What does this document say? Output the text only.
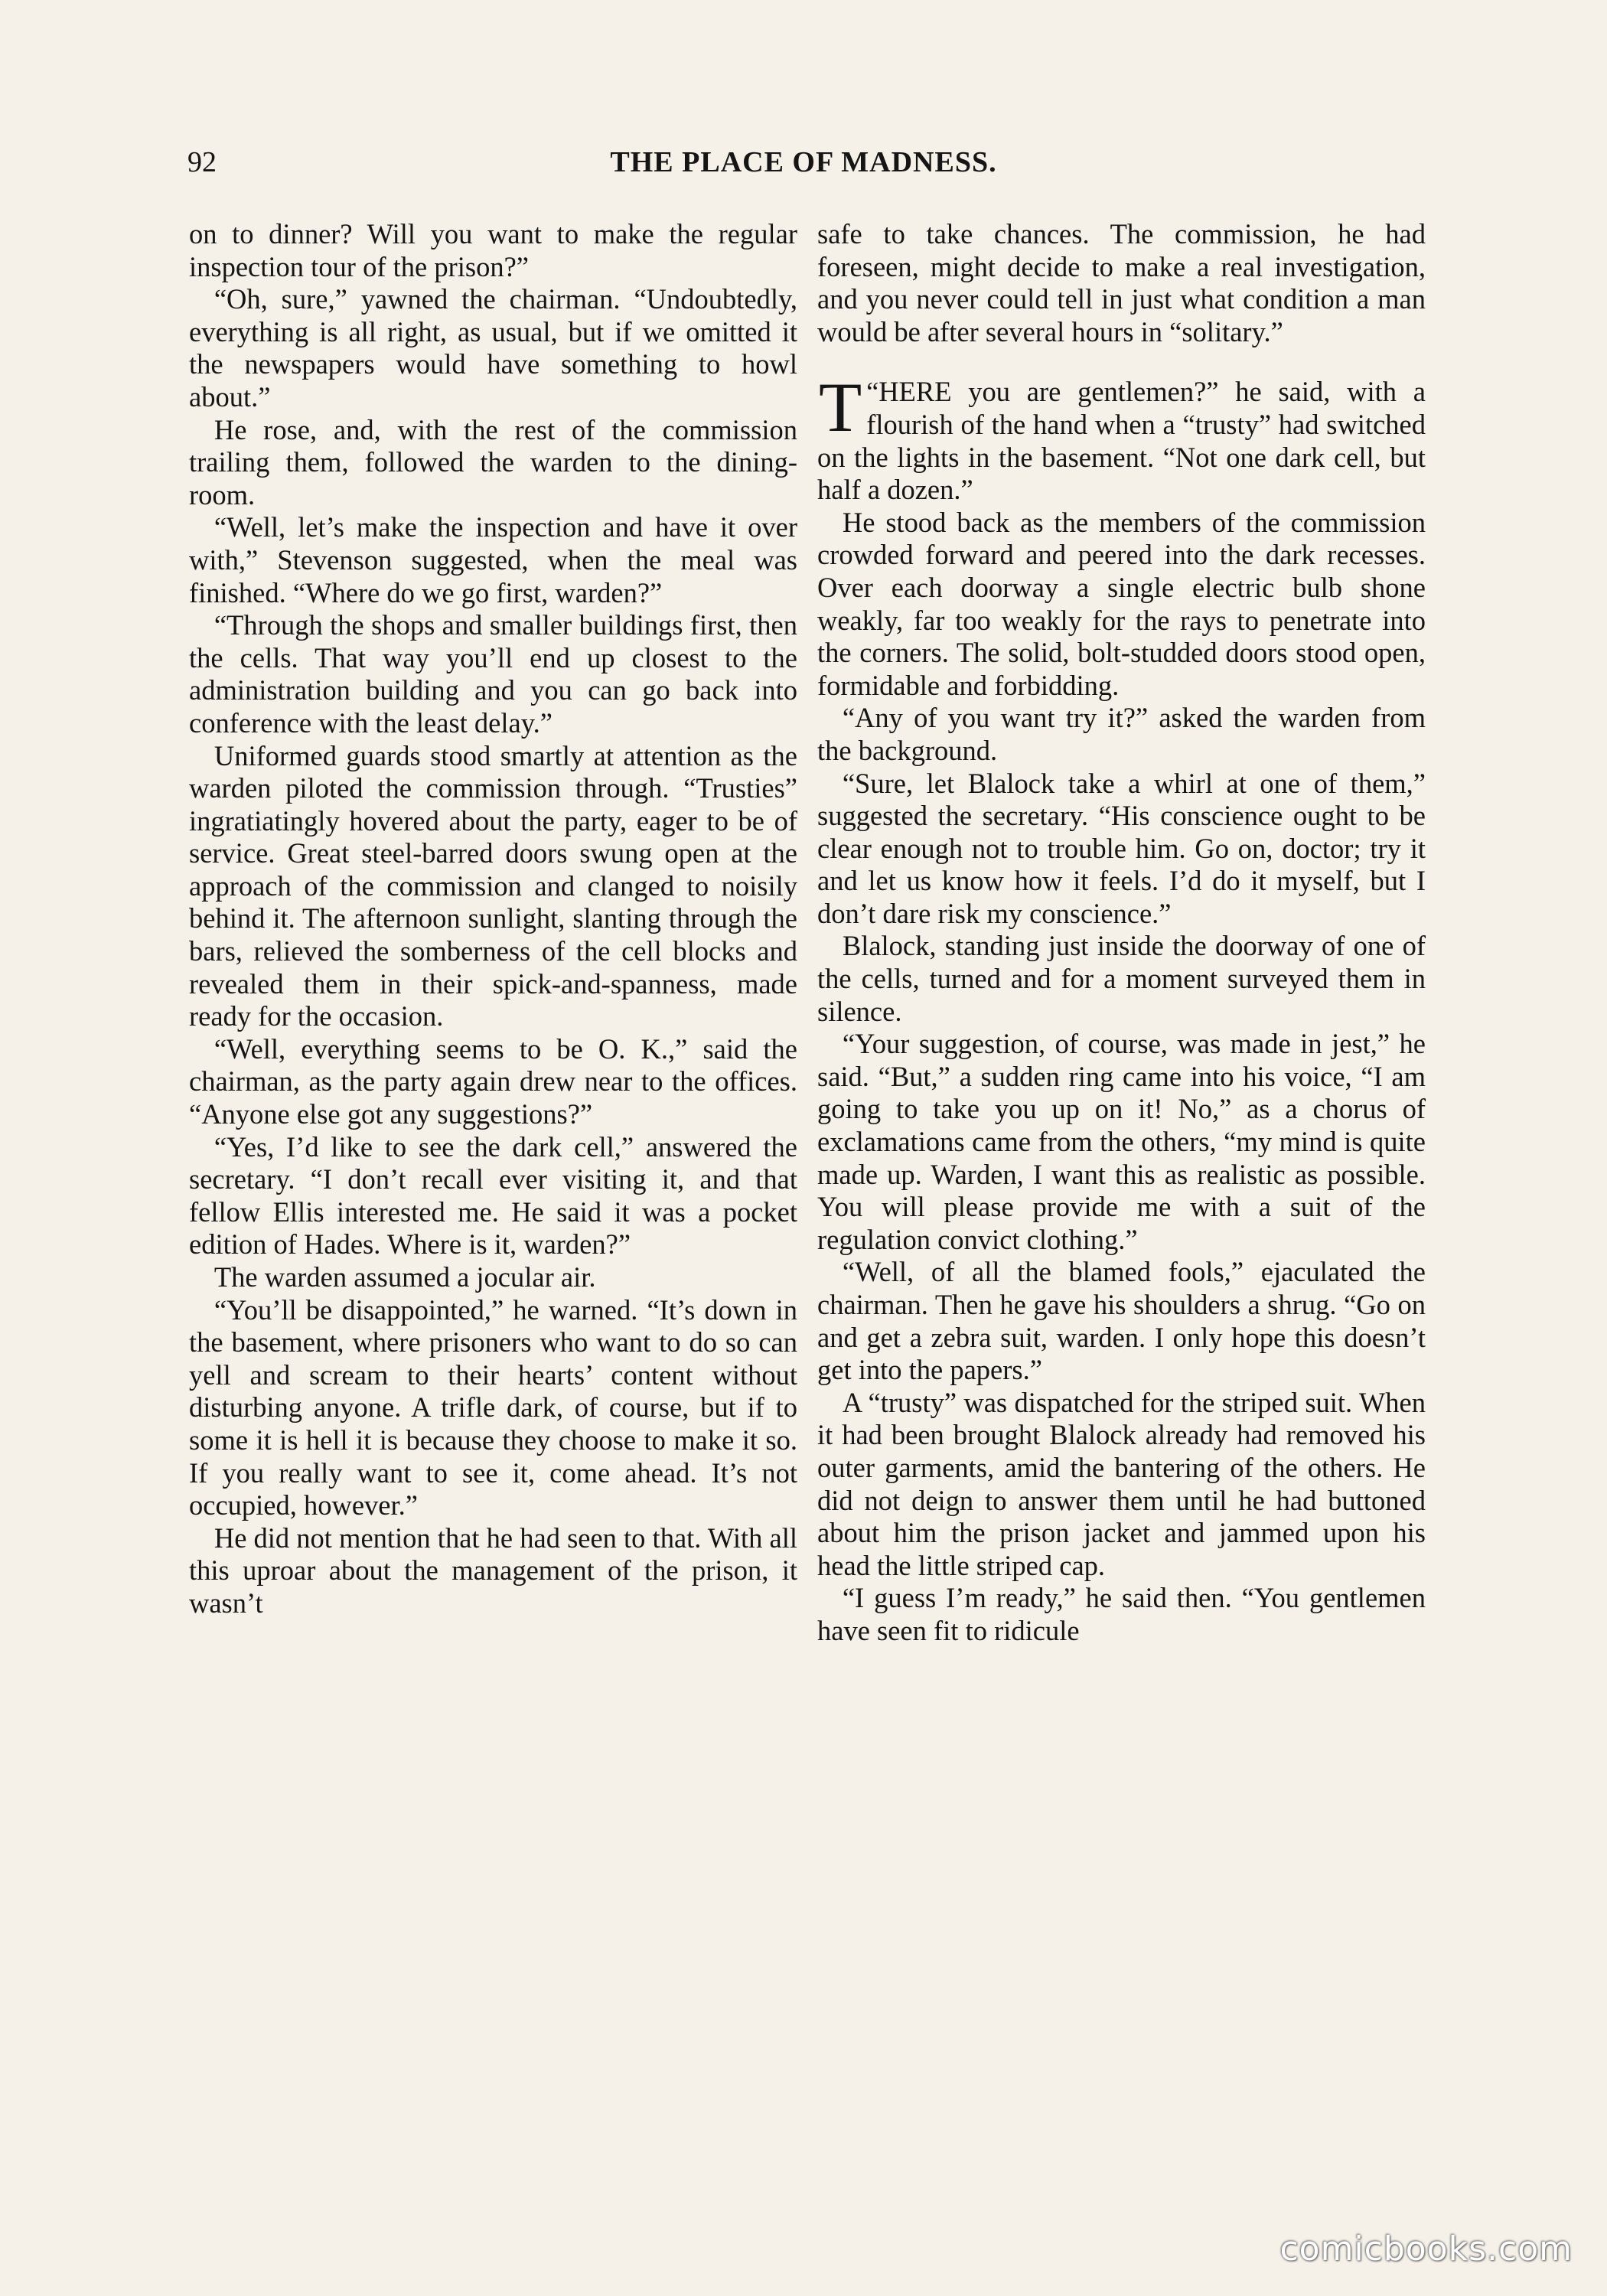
92	THE PLACE OF MADNESS.

on to dinner? Will you want to make the regular inspection tour of the prison?”

“Oh, sure,” yawned the chairman. “Undoubtedly, everything is all right, as usual, but if we omitted it the newspapers would have something to howl about.”

He rose, and, with the rest of the commission trailing them, followed the warden to the dining-room.

“Well, let’s make the inspection and have it over with,” Stevenson suggested, when the meal was finished. “Where do we go first, warden?”

“Through the shops and smaller buildings first, then the cells. That way you’ll end up closest to the administration building and you can go back into conference with the least delay.”

Uniformed guards stood smartly at attention as the warden piloted the commission through. “Trusties” ingratiatingly hovered about the party, eager to be of service. Great steel-barred doors swung open at the approach of the commission and clanged to noisily behind it. The afternoon sunlight, slanting through the bars, relieved the somberness of the cell blocks and revealed them in their spick-and-spanness, made ready for the occasion.

“Well, everything seems to be O. K.,” said the chairman, as the party again drew near to the offices. “Anyone else got any suggestions?”

“Yes, I’d like to see the dark cell,” answered the secretary. “I don’t recall ever visiting it, and that fellow Ellis interested me. He said it was a pocket edition of Hades. Where is it, warden?”

The warden assumed a jocular air.

“You’ll be disappointed,” he warned. “It’s down in the basement, where prisoners who want to do so can yell and scream to their hearts’ content without disturbing anyone. A trifle dark, of course, but if to some it is hell it is because they choose to make it so. If you really want to see it, come ahead. It’s not occupied, however.”

He did not mention that he had seen to that. With all this uproar about the management of the prison, it wasn’t

safe to take chances. The commission, he had foreseen, might decide to make a real investigation, and you never could tell in just what condition a man would be after several hours in “solitary.”

“
T HERE you are gentlemen?” he said, with a flourish of the hand when a “trusty” had switched on the lights in the basement. “Not one dark cell, but half a dozen.”

He stood back as the members of the commission crowded forward and peered into the dark recesses. Over each doorway a single electric bulb shone weakly, far too weakly for the rays to penetrate into the corners. The solid, bolt-studded doors stood open, formidable and forbidding.

“Any of you want try it?” asked the warden from the background.

“Sure, let Blalock take a whirl at one of them,” suggested the secretary. “His conscience ought to be clear enough not to trouble him. Go on, doctor; try it and let us know how it feels. I’d do it myself, but I don’t dare risk my conscience.”

Blalock, standing just inside the doorway of one of the cells, turned and for a moment surveyed them in silence.

“Your suggestion, of course, was made in jest,” he said. “But,” a sudden ring came into his voice, “I am going to take you up on it! No,” as a chorus of exclamations came from the others, “my mind is quite made up. Warden, I want this as realistic as possible. You will please provide me with a suit of the regulation convict clothing.”

“Well, of all the blamed fools,” ejaculated the chairman. Then he gave his shoulders a shrug. “Go on and get a zebra suit, warden. I only hope this doesn’t get into the papers.”

A “trusty” was dispatched for the striped suit. When it had been brought Blalock already had removed his outer garments, amid the bantering of the others. He did not deign to answer them until he had buttoned about him the prison jacket and jammed upon his head the little striped cap.

“I guess I’m ready,” he said then. “You gentlemen have seen fit to ridicule

comicbooks.com
